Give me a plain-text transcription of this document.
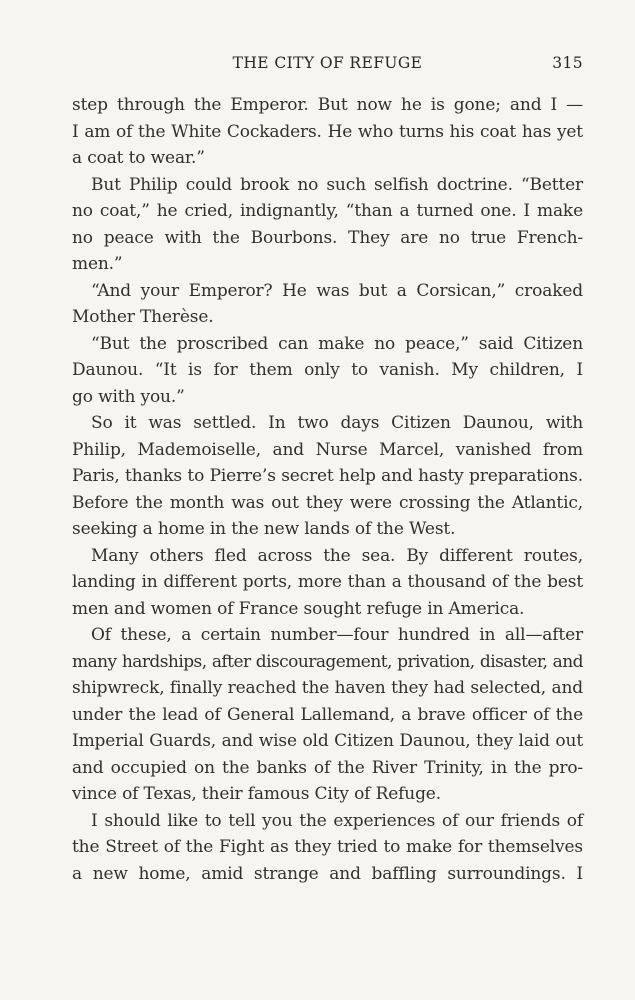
THE CITY OF REFUGE	315
step through the Emperor. But now he is gone; and I —
I am of the White Cockaders. He who turns his coat has yet
a coat to wear.”
But Philip could brook no such selfish doctrine. “Better
no coat,” he cried, indignantly, “than a turned one. I make
no peace with the Bourbons. They are no true French-
men.”
“And your Emperor? He was but a Corsican,” croaked
Mother Therèse.
“But the proscribed can make no peace,” said Citizen
Daunou. “It is for them only to vanish. My children, I
go with you.”
So it was settled. In two days Citizen Daunou, with
Philip, Mademoiselle, and Nurse Marcel, vanished from
Paris, thanks to Pierre’s secret help and hasty preparations.
Before the month was out they were crossing the Atlantic,
seeking a home in the new lands of the West.
Many others fled across the sea. By different routes,
landing in different ports, more than a thousand of the best
men and women of France sought refuge in America.
Of these, a certain number—four hundred in all—after
many hardships, after discouragement, privation, disaster, and
shipwreck, finally reached the haven they had selected, and
under the lead of General Lallemand, a brave officer of the
Imperial Guards, and wise old Citizen Daunou, they laid out
and occupied on the banks of the River Trinity, in the pro-
vince of Texas, their famous City of Refuge.
I should like to tell you the experiences of our friends of
the Street of the Fight as they tried to make for themselves
a new home, amid strange and baffling surroundings. I
